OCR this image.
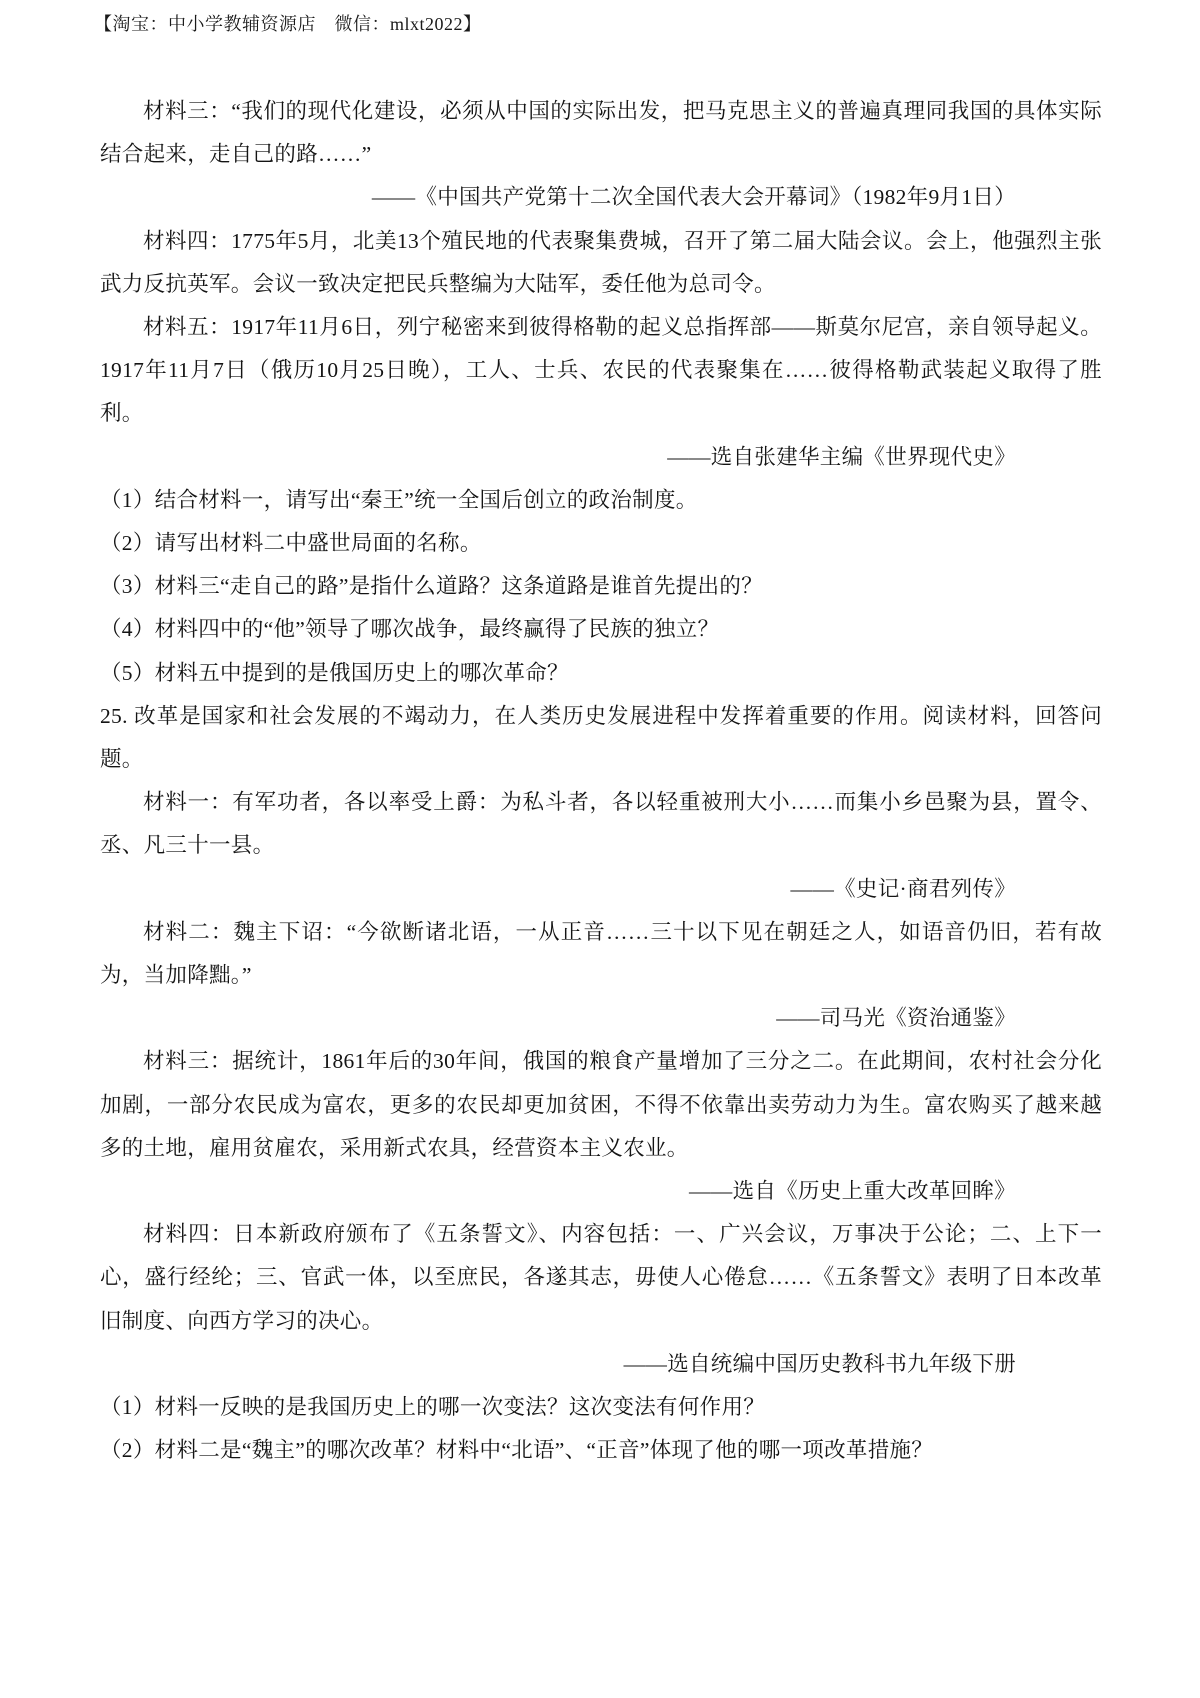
【淘宝：中小学教辅资源店　微信：mlxt2022】

材料三：“我们的现代化建设，必须从中国的实际出发，把马克思主义的普遍真理同我国的具体实际结合起来，走自己的路……”

——《中国共产党第十二次全国代表大会开幕词》（1982年9月1日）

材料四：1775年5月，北美13个殖民地的代表聚集费城，召开了第二届大陆会议。会上，他强烈主张武力反抗英军。会议一致决定把民兵整编为大陆军，委任他为总司令。

材料五：1917年11月6日，列宁秘密来到彼得格勒的起义总指挥部——斯莫尔尼宫，亲自领导起义。1917年11月7日（俄历10月25日晚），工人、士兵、农民的代表聚集在……彼得格勒武装起义取得了胜利。

——选自张建华主编《世界现代史》

（1）结合材料一，请写出“秦王”统一全国后创立的政治制度。

（2）请写出材料二中盛世局面的名称。

（3）材料三“走自己的路”是指什么道路？这条道路是谁首先提出的？

（4）材料四中的“他”领导了哪次战争，最终赢得了民族的独立？

（5）材料五中提到的是俄国历史上的哪次革命？

25. 改革是国家和社会发展的不竭动力，在人类历史发展进程中发挥着重要的作用。阅读材料，回答问题。

材料一：有军功者，各以率受上爵：为私斗者，各以轻重被刑大小……而集小乡邑聚为县，置令、丞、凡三十一县。

——《史记·商君列传》

材料二：魏主下诏：“今欲断诸北语，一从正音……三十以下见在朝廷之人，如语音仍旧，若有故为，当加降黜。”

——司马光《资治通鉴》

材料三：据统计，1861年后的30年间，俄国的粮食产量增加了三分之二。在此期间，农村社会分化加剧，一部分农民成为富农，更多的农民却更加贫困，不得不依靠出卖劳动力为生。富农购买了越来越多的土地，雇用贫雇农，采用新式农具，经营资本主义农业。

——选自《历史上重大改革回眸》

材料四：日本新政府颁布了《五条誓文》、内容包括：一、广兴会议，万事决于公论；二、上下一心，盛行经纶；三、官武一体，以至庶民，各遂其志，毋使人心倦怠……《五条誓文》表明了日本改革旧制度、向西方学习的决心。

——选自统编中国历史教科书九年级下册

（1）材料一反映的是我国历史上的哪一次变法？这次变法有何作用？

（2）材料二是“魏主”的哪次改革？材料中“北语”、“正音”体现了他的哪一项改革措施？
